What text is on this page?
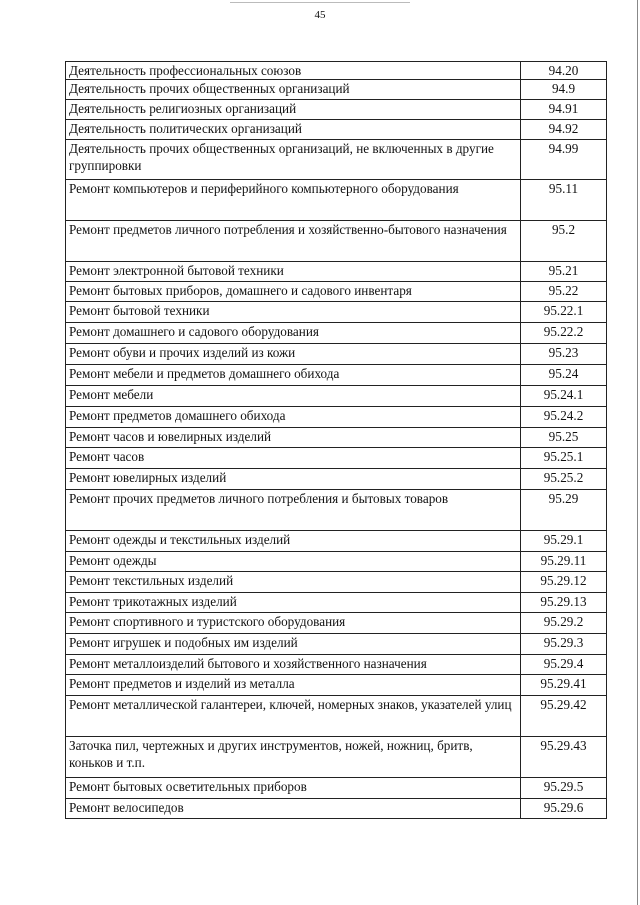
45
Деятельность профессиональных союзов	94.20
Деятельность прочих общественных организаций	94.9
Деятельность религиозных организаций	94.91
Деятельность политических организаций	94.92
Деятельность прочих общественных организаций, не включенных в другие группировки	94.99
Ремонт компьютеров и периферийного компьютерного оборудования	95.11
Ремонт предметов личного потребления и хозяйственно-бытового назначения	95.2
Ремонт электронной бытовой техники	95.21
Ремонт бытовых приборов, домашнего и садового инвентаря	95.22
Ремонт бытовой техники	95.22.1
Ремонт домашнего и садового оборудования	95.22.2
Ремонт обуви и прочих изделий из кожи	95.23
Ремонт мебели и предметов домашнего обихода	95.24
Ремонт мебели	95.24.1
Ремонт предметов домашнего обихода	95.24.2
Ремонт часов и ювелирных изделий	95.25
Ремонт часов	95.25.1
Ремонт ювелирных изделий	95.25.2
Ремонт прочих предметов личного потребления и бытовых товаров	95.29
Ремонт одежды и текстильных изделий	95.29.1
Ремонт одежды	95.29.11
Ремонт текстильных изделий	95.29.12
Ремонт трикотажных изделий	95.29.13
Ремонт спортивного и туристского оборудования	95.29.2
Ремонт игрушек и подобных им изделий	95.29.3
Ремонт металлоизделий бытового и хозяйственного назначения	95.29.4
Ремонт предметов и изделий из металла	95.29.41
Ремонт металлической галантереи, ключей, номерных знаков, указателей улиц	95.29.42
Заточка пил, чертежных и других инструментов, ножей, ножниц, бритв, коньков и т.п.	95.29.43
Ремонт бытовых осветительных приборов	95.29.5
Ремонт велосипедов	95.29.6
